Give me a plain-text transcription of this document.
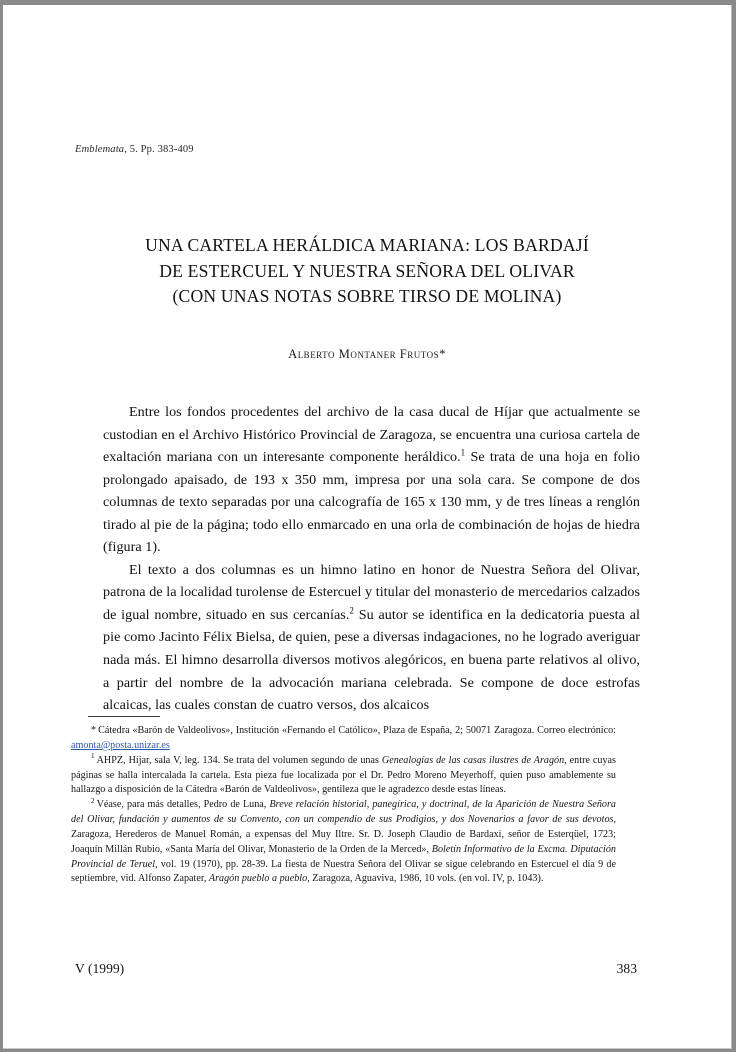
Emblemata, 5. Pp. 383-409
UNA CARTELA HERÁLDICA MARIANA: LOS BARDAJÍ
DE ESTERCUEL Y NUESTRA SEÑORA DEL OLIVAR
(CON UNAS NOTAS SOBRE TIRSO DE MOLINA)
Alberto Montaner Frutos*

Entre los fondos procedentes del archivo de la casa ducal de Híjar que actualmente se custodian en el Archivo Histórico Provincial de Zaragoza, se encuentra una curiosa cartela de exaltación mariana con un interesante componente heráldico.$^1$ Se trata de una hoja en folio prolongado apaisado, de 193 x 350 mm, impresa por una sola cara. Se compone de dos columnas de texto separadas por una calcografía de 165 x 130 mm, y de tres líneas a renglón tirado al pie de la página; todo ello enmarcado en una orla de combinación de hojas de hiedra (figura 1).

El texto a dos columnas es un himno latino en honor de Nuestra Señora del Olivar, patrona de la localidad turolense de Estercuel y titular del monasterio de mercedarios calzados de igual nombre, situado en sus cercanías.$^2$ Su autor se identifica en la dedicatoria puesta al pie como Jacinto Félix Bielsa, de quien, pese a diversas indagaciones, no he logrado averiguar nada más. El himno desarrolla diversos motivos alegóricos, en buena parte relativos al olivo, a partir del nombre de la advocación mariana celebrada. Se compone de doce estrofas alcaicas, las cuales constan de cuatro versos, dos alcaicos

* Cátedra «Barón de Valdeolivos», Institución «Fernando el Católico», Plaza de España, 2; 50071 Zaragoza. Correo electrónico: amonta@posta.unizar.es

$^1$ AHPZ, Híjar, sala V, leg. 134. Se trata del volumen segundo de unas Genealogías de las casas ilustres de Aragón, entre cuyas páginas se halla intercalada la cartela. Esta pieza fue localizada por el Dr. Pedro Moreno Meyerhoff, quien puso amablemente su hallazgo a disposición de la Cátedra «Barón de Valdeolivos», gentileza que le agradezco desde estas líneas.

$^2$ Véase, para más detalles, Pedro de Luna, Breve relación historial, panegírica, y doctrinal, de la Aparición de Nuestra Señora del Olivar, fundación y aumentos de su Convento, con un compendio de sus Prodigios, y dos Novenarios a favor de sus devotos, Zaragoza, Herederos de Manuel Román, a expensas del Muy Iltre. Sr. D. Joseph Claudio de Bardaxí, señor de Esterqüel, 1723; Joaquín Millán Rubio, «Santa María del Olivar, Monasterio de la Orden de la Merced», Boletín Informativo de la Excma. Diputación Provincial de Teruel, vol. 19 (1970), pp. 28-39. La fiesta de Nuestra Señora del Olivar se sigue celebrando en Estercuel el día 9 de septiembre, vid. Alfonso Zapater, Aragón pueblo a pueblo, Zaragoza, Aguaviva, 1986, 10 vols. (en vol. IV, p. 1043).

V (1999)	383
